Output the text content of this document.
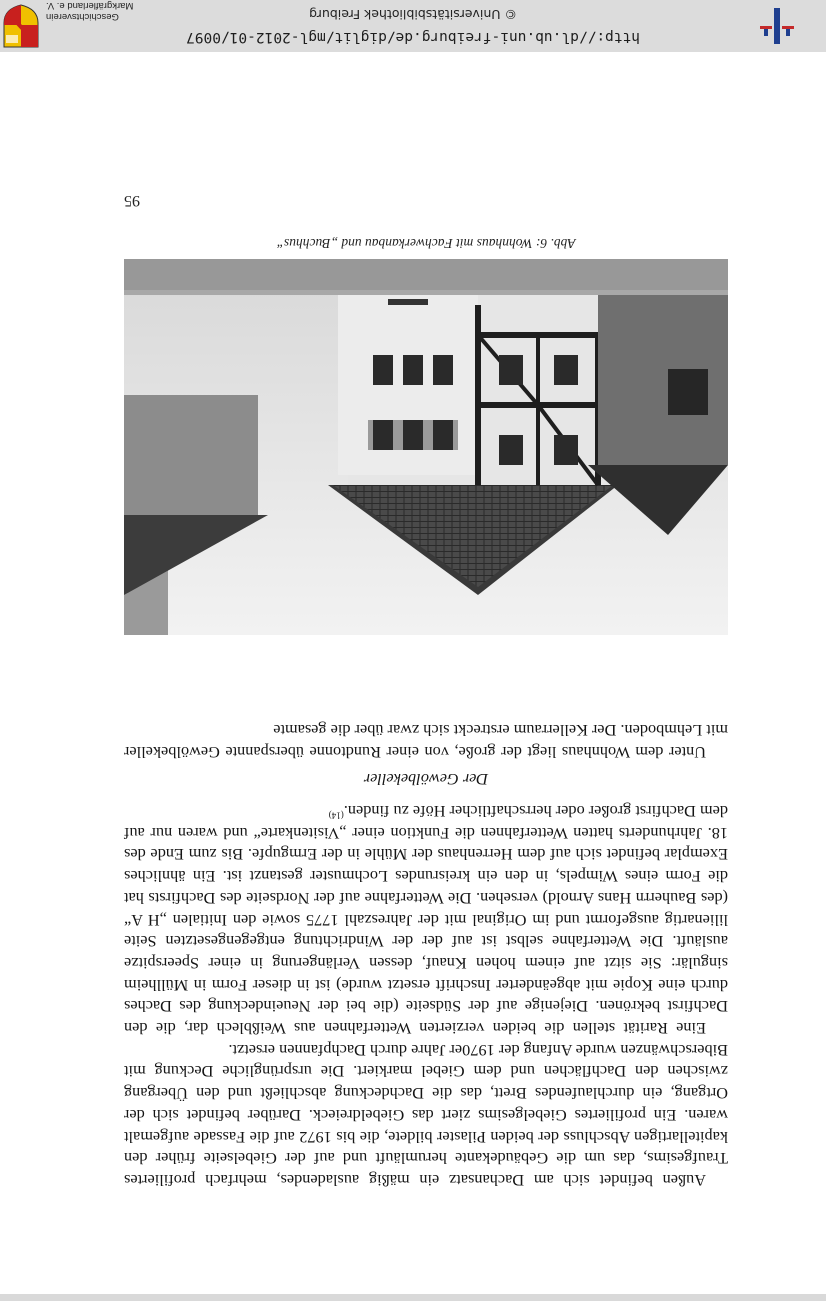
Außen befindet sich am Dachansatz ein mäßig ausladendes, mehrfach profiliertes Traufgesims, das um die Gebäudekante herumläuft und auf der Giebelseite früher den kapitellartigen Abschluss der beiden Pilaster bildete, die bis 1972 auf die Fassade aufgemalt waren. Ein profiliertes Giebelgesims ziert das Giebeldreieck. Darüber befindet sich der Ortgang, ein durchlaufendes Brett, das die Dachdeckung abschließt und den Übergang zwischen den Dachflächen und dem Giebel markiert. Die ursprüngliche Deckung mit Biberschwänzen wurde Anfang der 1970er Jahre durch Dachpfannen ersetzt.

Eine Rarität stellen die beiden verzierten Wetterfahnen aus Weißblech dar, die den Dachfirst bekrönen. Diejenige auf der Südseite (die bei der Neueindeckung des Daches durch eine Kopie mit abgeänderter Inschrift ersetzt wurde) ist in dieser Form in Müllheim singulär: Sie sitzt auf einem hohen Knauf, dessen Verlängerung in einer Speerspitze ausläuft. Die Wetterfahne selbst ist auf der der Windrichtung entgegengesetzten Seite lilienartig ausgeformt und im Original mit der Jahreszahl 1775 sowie den Initialen „H A“ (des Bauherrn Hans Arnold) versehen. Die Wetterfahne auf der Nordseite des Dachfirsts hat die Form eines Wimpels, in den ein kreisrundes Lochmuster gestanzt ist. Ein ähnliches Exemplar befindet sich auf dem Herrenhaus der Mühle in der Ermgupfe. Bis zum Ende des 18. Jahrhunderts hatten Wetterfahnen die Funktion einer „Visitenkarte“ und waren nur auf dem Dachfirst großer oder herrschaftlicher Höfe zu finden.$^{(14)}$

Der Gewölbekeller

Unter dem Wohnhaus liegt der große, von einer Rundtonne überspannte Gewölbekeller mit Lehmboden. Der Kellerraum erstreckt sich zwar über die gesamte

Abb. 6: Wohnhaus mit Fachwerkanbau und „Buchhus“
95
http://dl.ub.uni-freiburg.de/diglit/mgl-2012-01/0097
© Universitätsbibliothek Freiburg
Geschichtsverein
Markgräflerland e. V.
